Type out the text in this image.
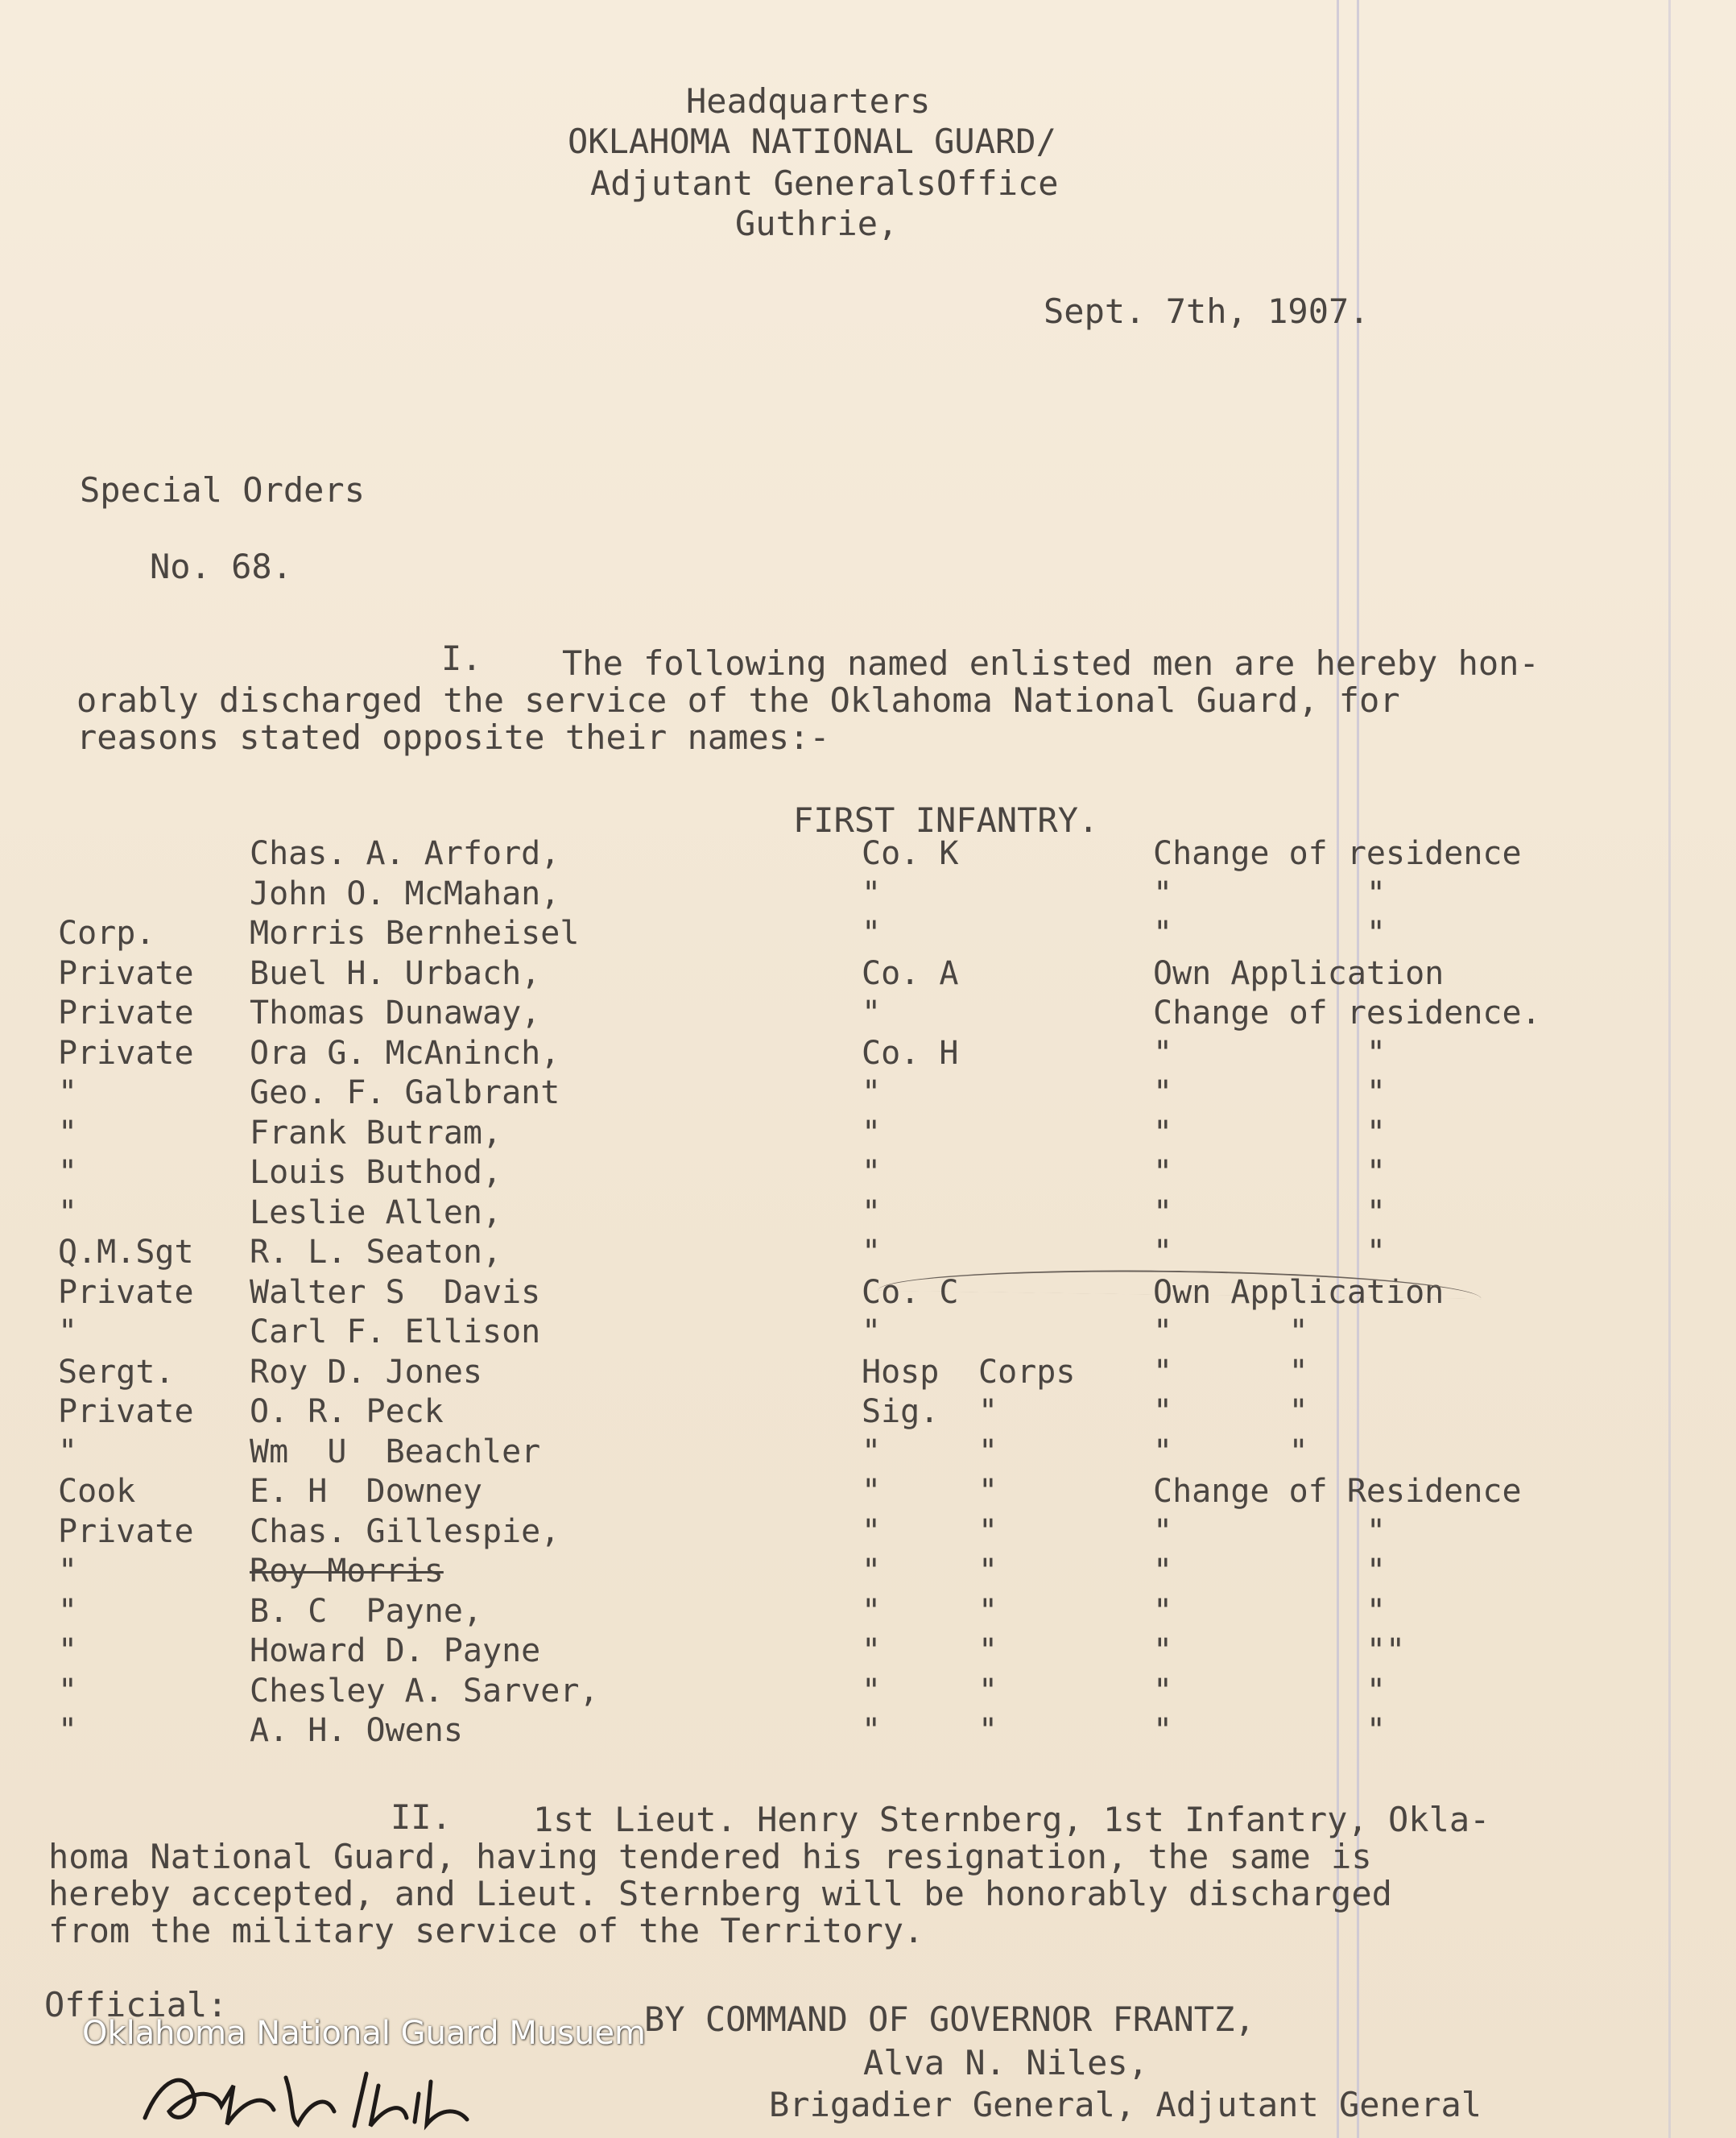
Headquarters
OKLAHOMA NATIONAL GUARD/
Adjutant GeneralsOffice
Guthrie,
Sept. 7th, 1907.
Special Orders
No. 68.
I. The following named enlisted men are hereby hon-
orably discharged the service of the Oklahoma National Guard, for
reasons stated opposite their names:-
FIRST INFANTRY.
Chas. A. Arford,	Co. K	Change of residence
John O. McMahan,	"	"          "
Corp.	Morris Bernheisel	"	"          "
Private Buel H. Urbach,	Co. A	Own Application
Private Thomas Dunaway,	"	Change of residence.
Private Ora G. McAninch,	Co. H	"          "
"	Geo. F. Galbrant	"	"          "
"	Frank Butram,	"	"          "
"	Louis Buthod,	"	"          "
"	Leslie Allen,	"	"          "
Q.M.Sgt R. L. Seaton,	"	"          "
Private Walter S  Davis	Co. C	Own Application
"	Carl F. Ellison	"	"      "
Sergt. Roy D. Jones	Hosp Corps "      "
Private O. R. Peck	Sig. "	"      "
"	Wm  U  Beachler	"	"	"      "
Cook	E. H  Downey	"	"	Change of Residence
Private Chas. Gillespie,	"	"	"          "
"	Roy Morris	"	"	"          "
"	B. C  Payne,	"	"	"          "
"	Howard D. Payne	"	"	"          ""
"	Chesley A. Sarver,	"	"	"          "
"	A. H. Owens	"	"	"          "
II. 1st Lieut. Henry Sternberg, 1st Infantry, Okla-
homa National Guard, having tendered his resignation, the same is
hereby accepted, and Lieut. Sternberg will be honorably discharged
from the military service of the Territory.
Official:	BY COMMAND OF GOVERNOR FRANTZ,
Alva N. Niles,
Brigadier General, Adjutant General
Oklahoma National Guard Musuem
